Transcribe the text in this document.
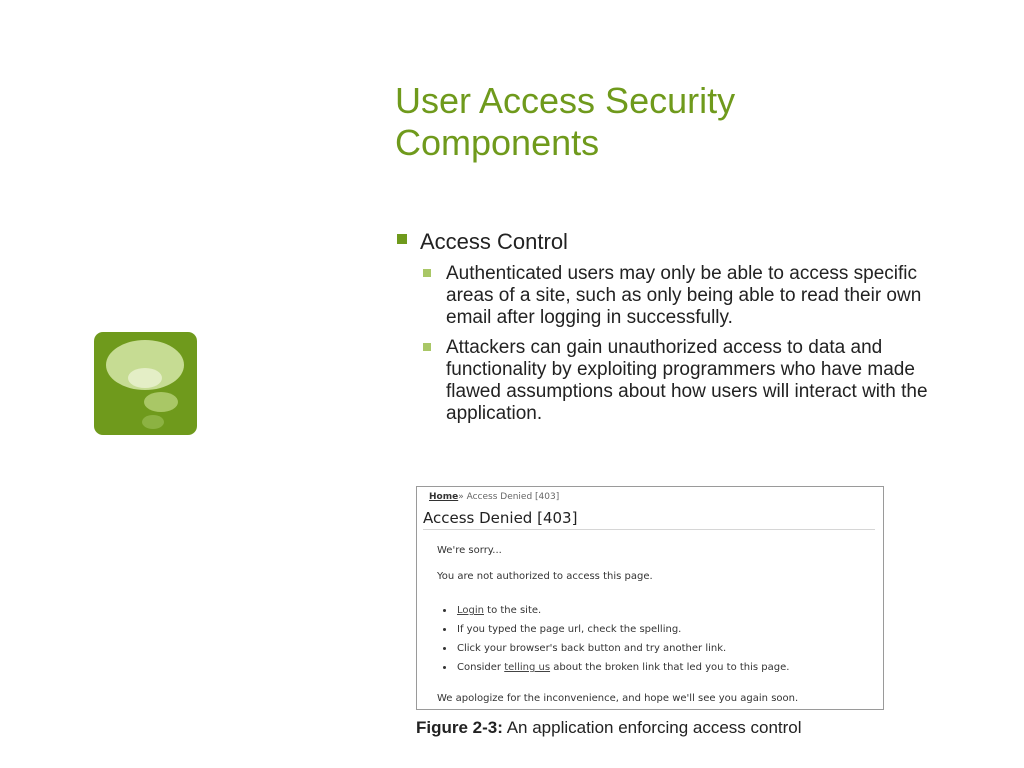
User Access Security
Components
Access Control
Authenticated users may only be able to access specific areas of a site, such as only being able to read their own email after logging in successfully.
Attackers can gain unauthorized access to data and functionality by exploiting programmers who have made flawed assumptions about how users will interact with the application.
Home» Access Denied [403]
Access Denied [403]
We're sorry...
You are not authorized to access this page.
• Login to the site.
• If you typed the page url, check the spelling.
• Click your browser's back button and try another link.
• Consider telling us about the broken link that led you to this page.
We apologize for the inconvenience, and hope we'll see you again soon.
Figure 2-3: An application enforcing access control
